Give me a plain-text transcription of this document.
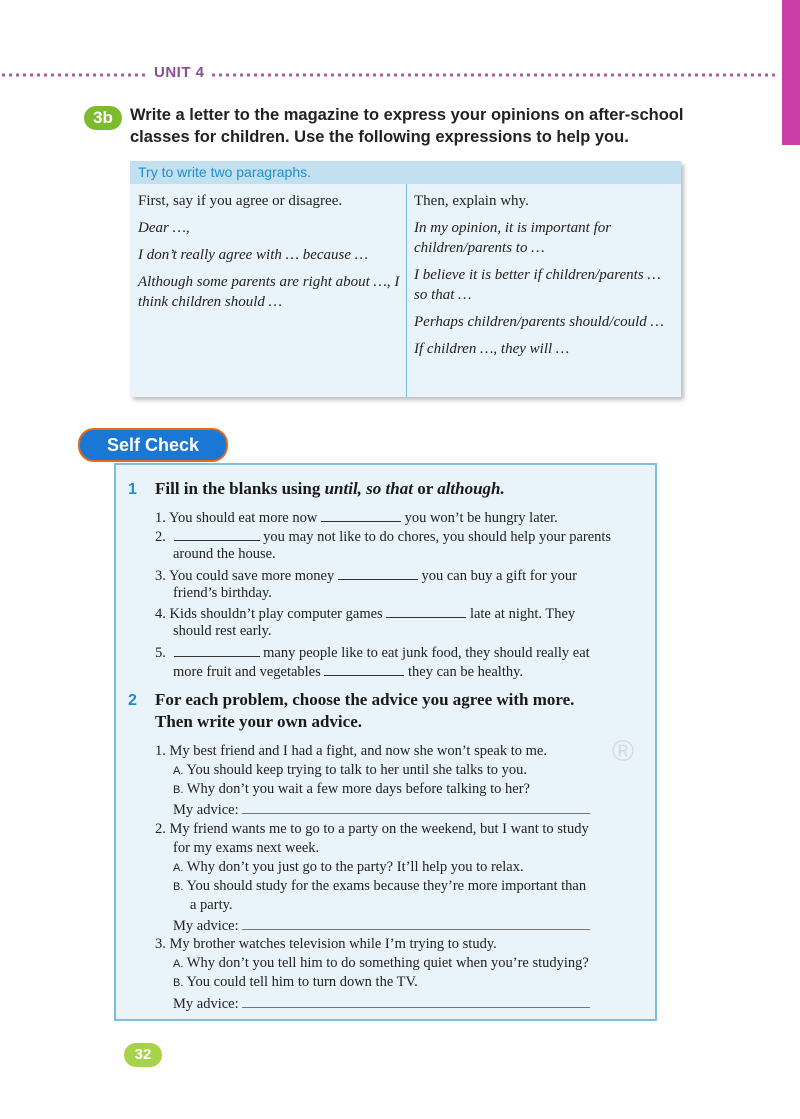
UNIT 4
3b	Write a letter to the magazine to express your opinions on after-school classes for children. Use the following expressions to help you.
Try to write two paragraphs.
First, say if you agree or disagree.
Dear …,
I don’t really agree with … because …
Although some parents are right about …, I think children should …
Then, explain why.
In my opinion, it is important for children/parents to …
I believe it is better if children/parents … so that …
Perhaps children/parents should/could …
If children …, they will …
Self Check
1 Fill in the blanks using until, so that or although.
1. You should eat more now	you won’t be hungry later.
2.	you may not like to do chores, you should help your parents
around the house.
3. You could save more money	you can buy a gift for your
friend’s birthday.
4. Kids shouldn’t play computer games	late at night. They
should rest early.
5.	many people like to eat junk food, they should really eat
more fruit and vegetables	they can be healthy.
2 For each problem, choose the advice you agree with more.
Then write your own advice.
1. My best friend and I had a fight, and now she won’t speak to me.
A. You should keep trying to talk to her until she talks to you.
B. Why don’t you wait a few more days before talking to her?
My advice:
2. My friend wants me to go to a party on the weekend, but I want to study
for my exams next week.
A. Why don’t you just go to the party? It’ll help you to relax.
B. You should study for the exams because they’re more important than
a party.
My advice:
3. My brother watches television while I’m trying to study.
A. Why don’t you tell him to do something quiet when you’re studying?
B. You could tell him to turn down the TV.
My advice:
®
32
